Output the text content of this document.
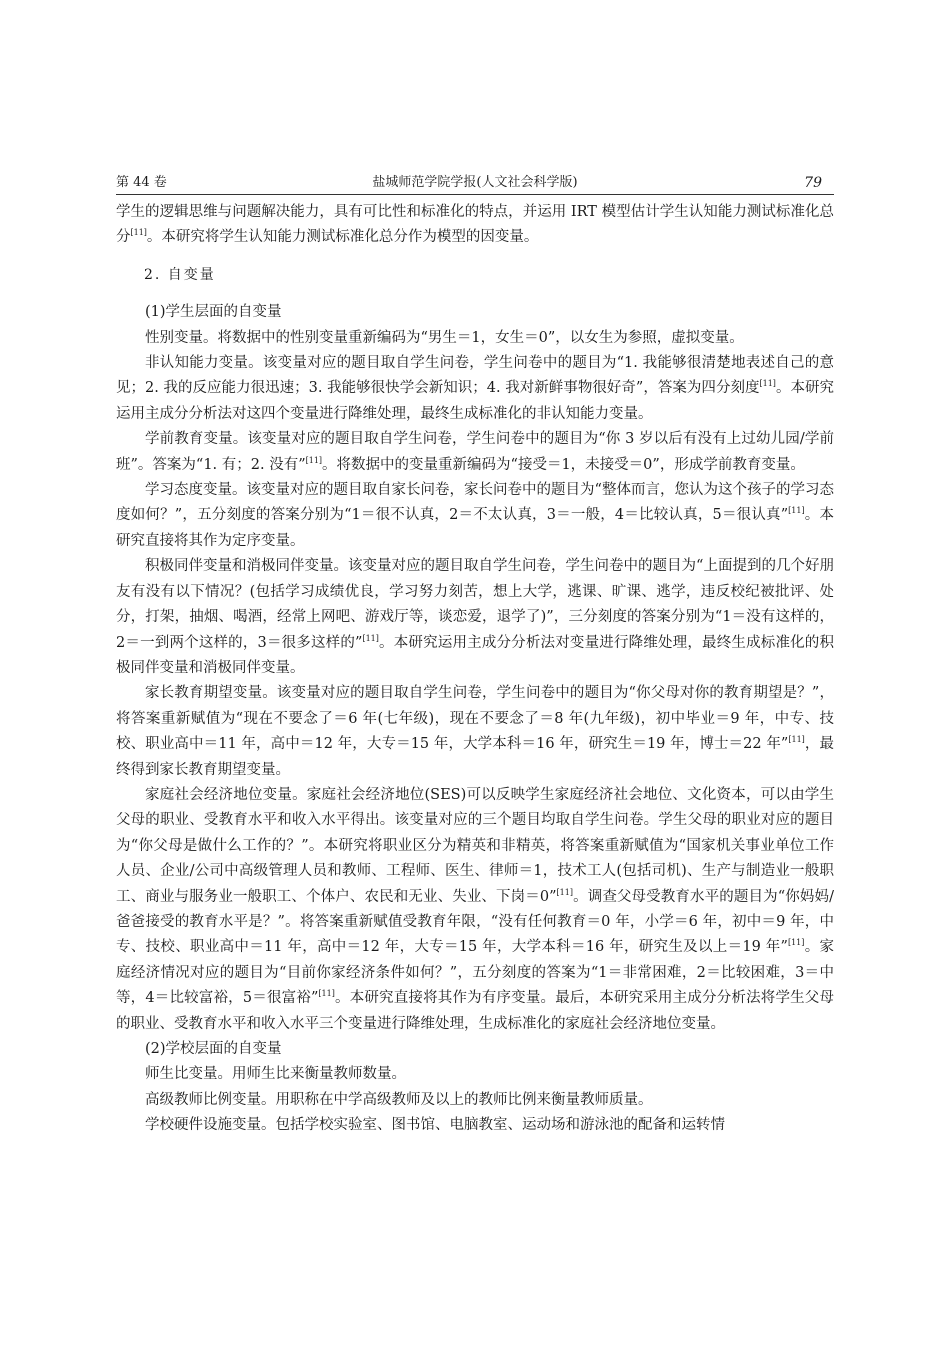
第 44 卷	盐城师范学院学报(人文社会科学版)	79

学生的逻辑思维与问题解决能力，具有可比性和标准化的特点，并运用 IRT 模型估计学生认知能力测试标准化总分[11]。本研究将学生认知能力测试标准化总分作为模型的因变量。

2. 自变量

(1)学生层面的自变量

性别变量。将数据中的性别变量重新编码为“男生＝1，女生＝0”，以女生为参照，虚拟变量。

非认知能力变量。该变量对应的题目取自学生问卷，学生问卷中的题目为“1. 我能够很清楚地表述自己的意见；2. 我的反应能力很迅速；3. 我能够很快学会新知识；4. 我对新鲜事物很好奇”，答案为四分刻度[11]。本研究运用主成分分析法对这四个变量进行降维处理，最终生成标准化的非认知能力变量。

学前教育变量。该变量对应的题目取自学生问卷，学生问卷中的题目为“你 3 岁以后有没有上过幼儿园/学前班”。答案为“1. 有；2. 没有”[11]。将数据中的变量重新编码为“接受＝1，未接受＝0”，形成学前教育变量。

学习态度变量。该变量对应的题目取自家长问卷，家长问卷中的题目为“整体而言，您认为这个孩子的学习态度如何？”，五分刻度的答案分别为“1＝很不认真，2＝不太认真，3＝一般，4＝比较认真，5＝很认真”[11]。本研究直接将其作为定序变量。

积极同伴变量和消极同伴变量。该变量对应的题目取自学生问卷，学生问卷中的题目为“上面提到的几个好朋友有没有以下情况？(包括学习成绩优良，学习努力刻苦，想上大学，逃课、旷课、逃学，违反校纪被批评、处分，打架，抽烟、喝酒，经常上网吧、游戏厅等，谈恋爱，退学了)”，三分刻度的答案分别为“1＝没有这样的，2＝一到两个这样的，3＝很多这样的”[11]。本研究运用主成分分析法对变量进行降维处理，最终生成标准化的积极同伴变量和消极同伴变量。

家长教育期望变量。该变量对应的题目取自学生问卷，学生问卷中的题目为“你父母对你的教育期望是？”，将答案重新赋值为“现在不要念了＝6 年(七年级)，现在不要念了＝8 年(九年级)，初中毕业＝9 年，中专、技校、职业高中＝11 年，高中＝12 年，大专＝15 年，大学本科＝16 年，研究生＝19 年，博士＝22 年”[11]，最终得到家长教育期望变量。

家庭社会经济地位变量。家庭社会经济地位(SES)可以反映学生家庭经济社会地位、文化资本，可以由学生父母的职业、受教育水平和收入水平得出。该变量对应的三个题目均取自学生问卷。学生父母的职业对应的题目为“你父母是做什么工作的？”。本研究将职业区分为精英和非精英，将答案重新赋值为“国家机关事业单位工作人员、企业/公司中高级管理人员和教师、工程师、医生、律师＝1，技术工人(包括司机)、生产与制造业一般职工、商业与服务业一般职工、个体户、农民和无业、失业、下岗＝0”[11]。调查父母受教育水平的题目为“你妈妈/爸爸接受的教育水平是？”。将答案重新赋值受教育年限，“没有任何教育＝0 年，小学＝6 年，初中＝9 年，中专、技校、职业高中＝11 年，高中＝12 年，大专＝15 年，大学本科＝16 年，研究生及以上＝19 年”[11]。家庭经济情况对应的题目为“目前你家经济条件如何？”，五分刻度的答案为“1＝非常困难，2＝比较困难，3＝中等，4＝比较富裕，5＝很富裕”[11]。本研究直接将其作为有序变量。最后，本研究采用主成分分析法将学生父母的职业、受教育水平和收入水平三个变量进行降维处理，生成标准化的家庭社会经济地位变量。

(2)学校层面的自变量

师生比变量。用师生比来衡量教师数量。

高级教师比例变量。用职称在中学高级教师及以上的教师比例来衡量教师质量。

学校硬件设施变量。包括学校实验室、图书馆、电脑教室、运动场和游泳池的配备和运转情
